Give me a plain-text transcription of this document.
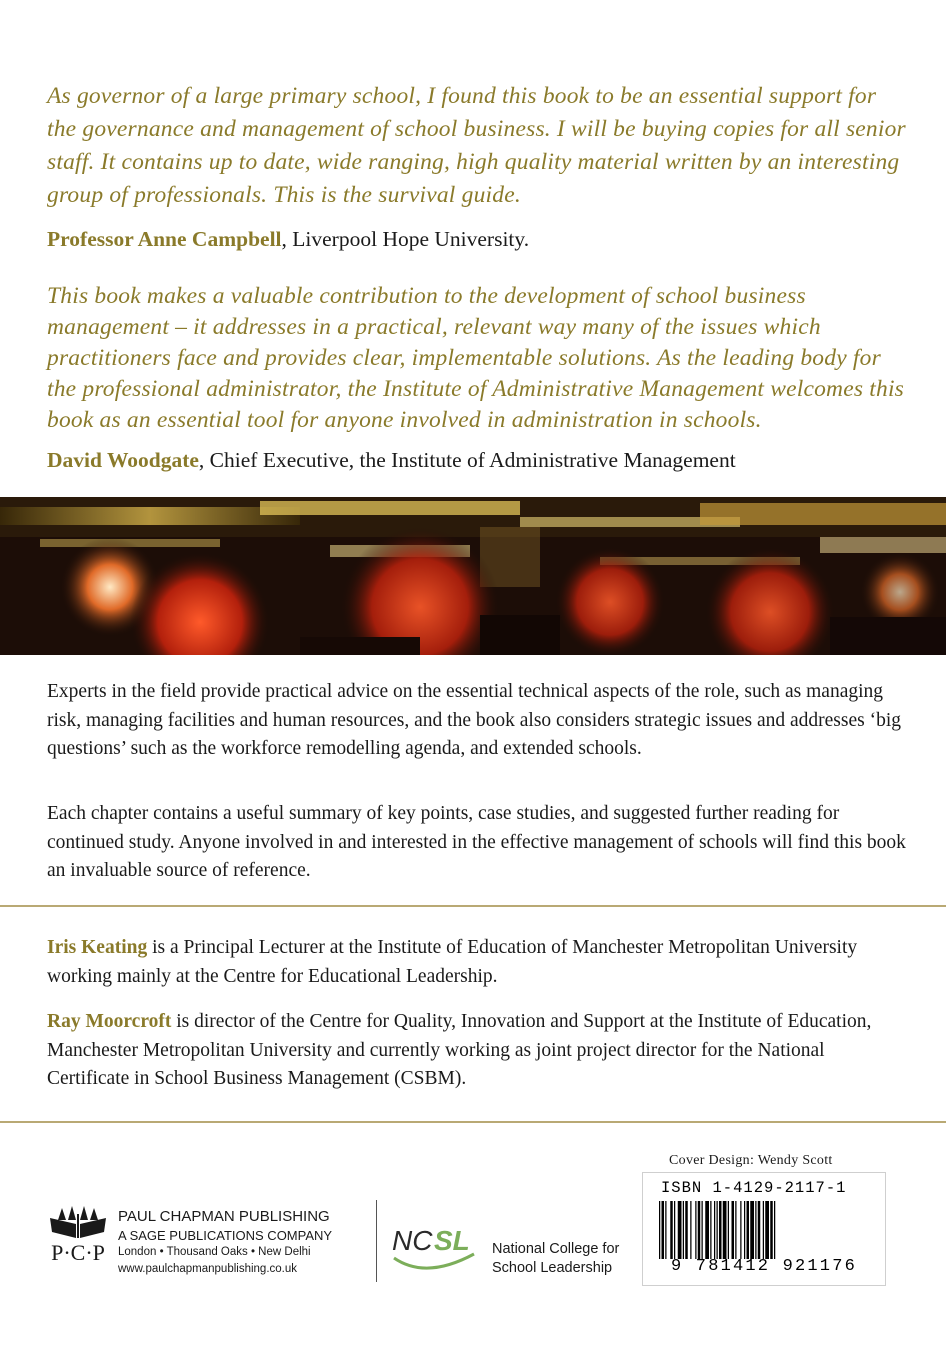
As governor of a large primary school, I found this book to be an essential support for the governance and management of school business. I will be buying copies for all senior staff. It contains up to date, wide ranging, high quality material written by an interesting group of professionals. This is the survival guide.

Professor Anne Campbell, Liverpool Hope University.

This book makes a valuable contribution to the development of school business management – it addresses in a practical, relevant way many of the issues which practitioners face and provides clear, implementable solutions. As the leading body for the professional administrator, the Institute of Administrative Management welcomes this book as an essential tool for anyone involved in administration in schools.

David Woodgate, Chief Executive, the Institute of Administrative Management

Experts in the field provide practical advice on the essential technical aspects of the role, such as managing risk, managing facilities and human resources, and the book also considers strategic issues and addresses ‘big questions’ such as the workforce remodelling agenda, and extended schools.

Each chapter contains a useful summary of key points, case studies, and suggested further reading for continued study. Anyone involved in and interested in the effective management of schools will find this book an invaluable source of reference.

Iris Keating is a Principal Lecturer at the Institute of Education of Manchester Metropolitan University working mainly at the Centre for Educational Leadership.

Ray Moorcroft is director of the Centre for Quality, Innovation and Support at the Institute of Education, Manchester Metropolitan University and currently working as joint project director for the National Certificate in School Business Management (CSBM).

P·C·P
PAUL CHAPMAN PUBLISHING
A SAGE PUBLICATIONS COMPANY
London • Thousand Oaks • New Delhi
www.paulchapmanpublishing.co.uk
NC SL National College for
School Leadership
Cover Design: Wendy Scott
ISBN 1-4129-2117-1
9 781412 921176
